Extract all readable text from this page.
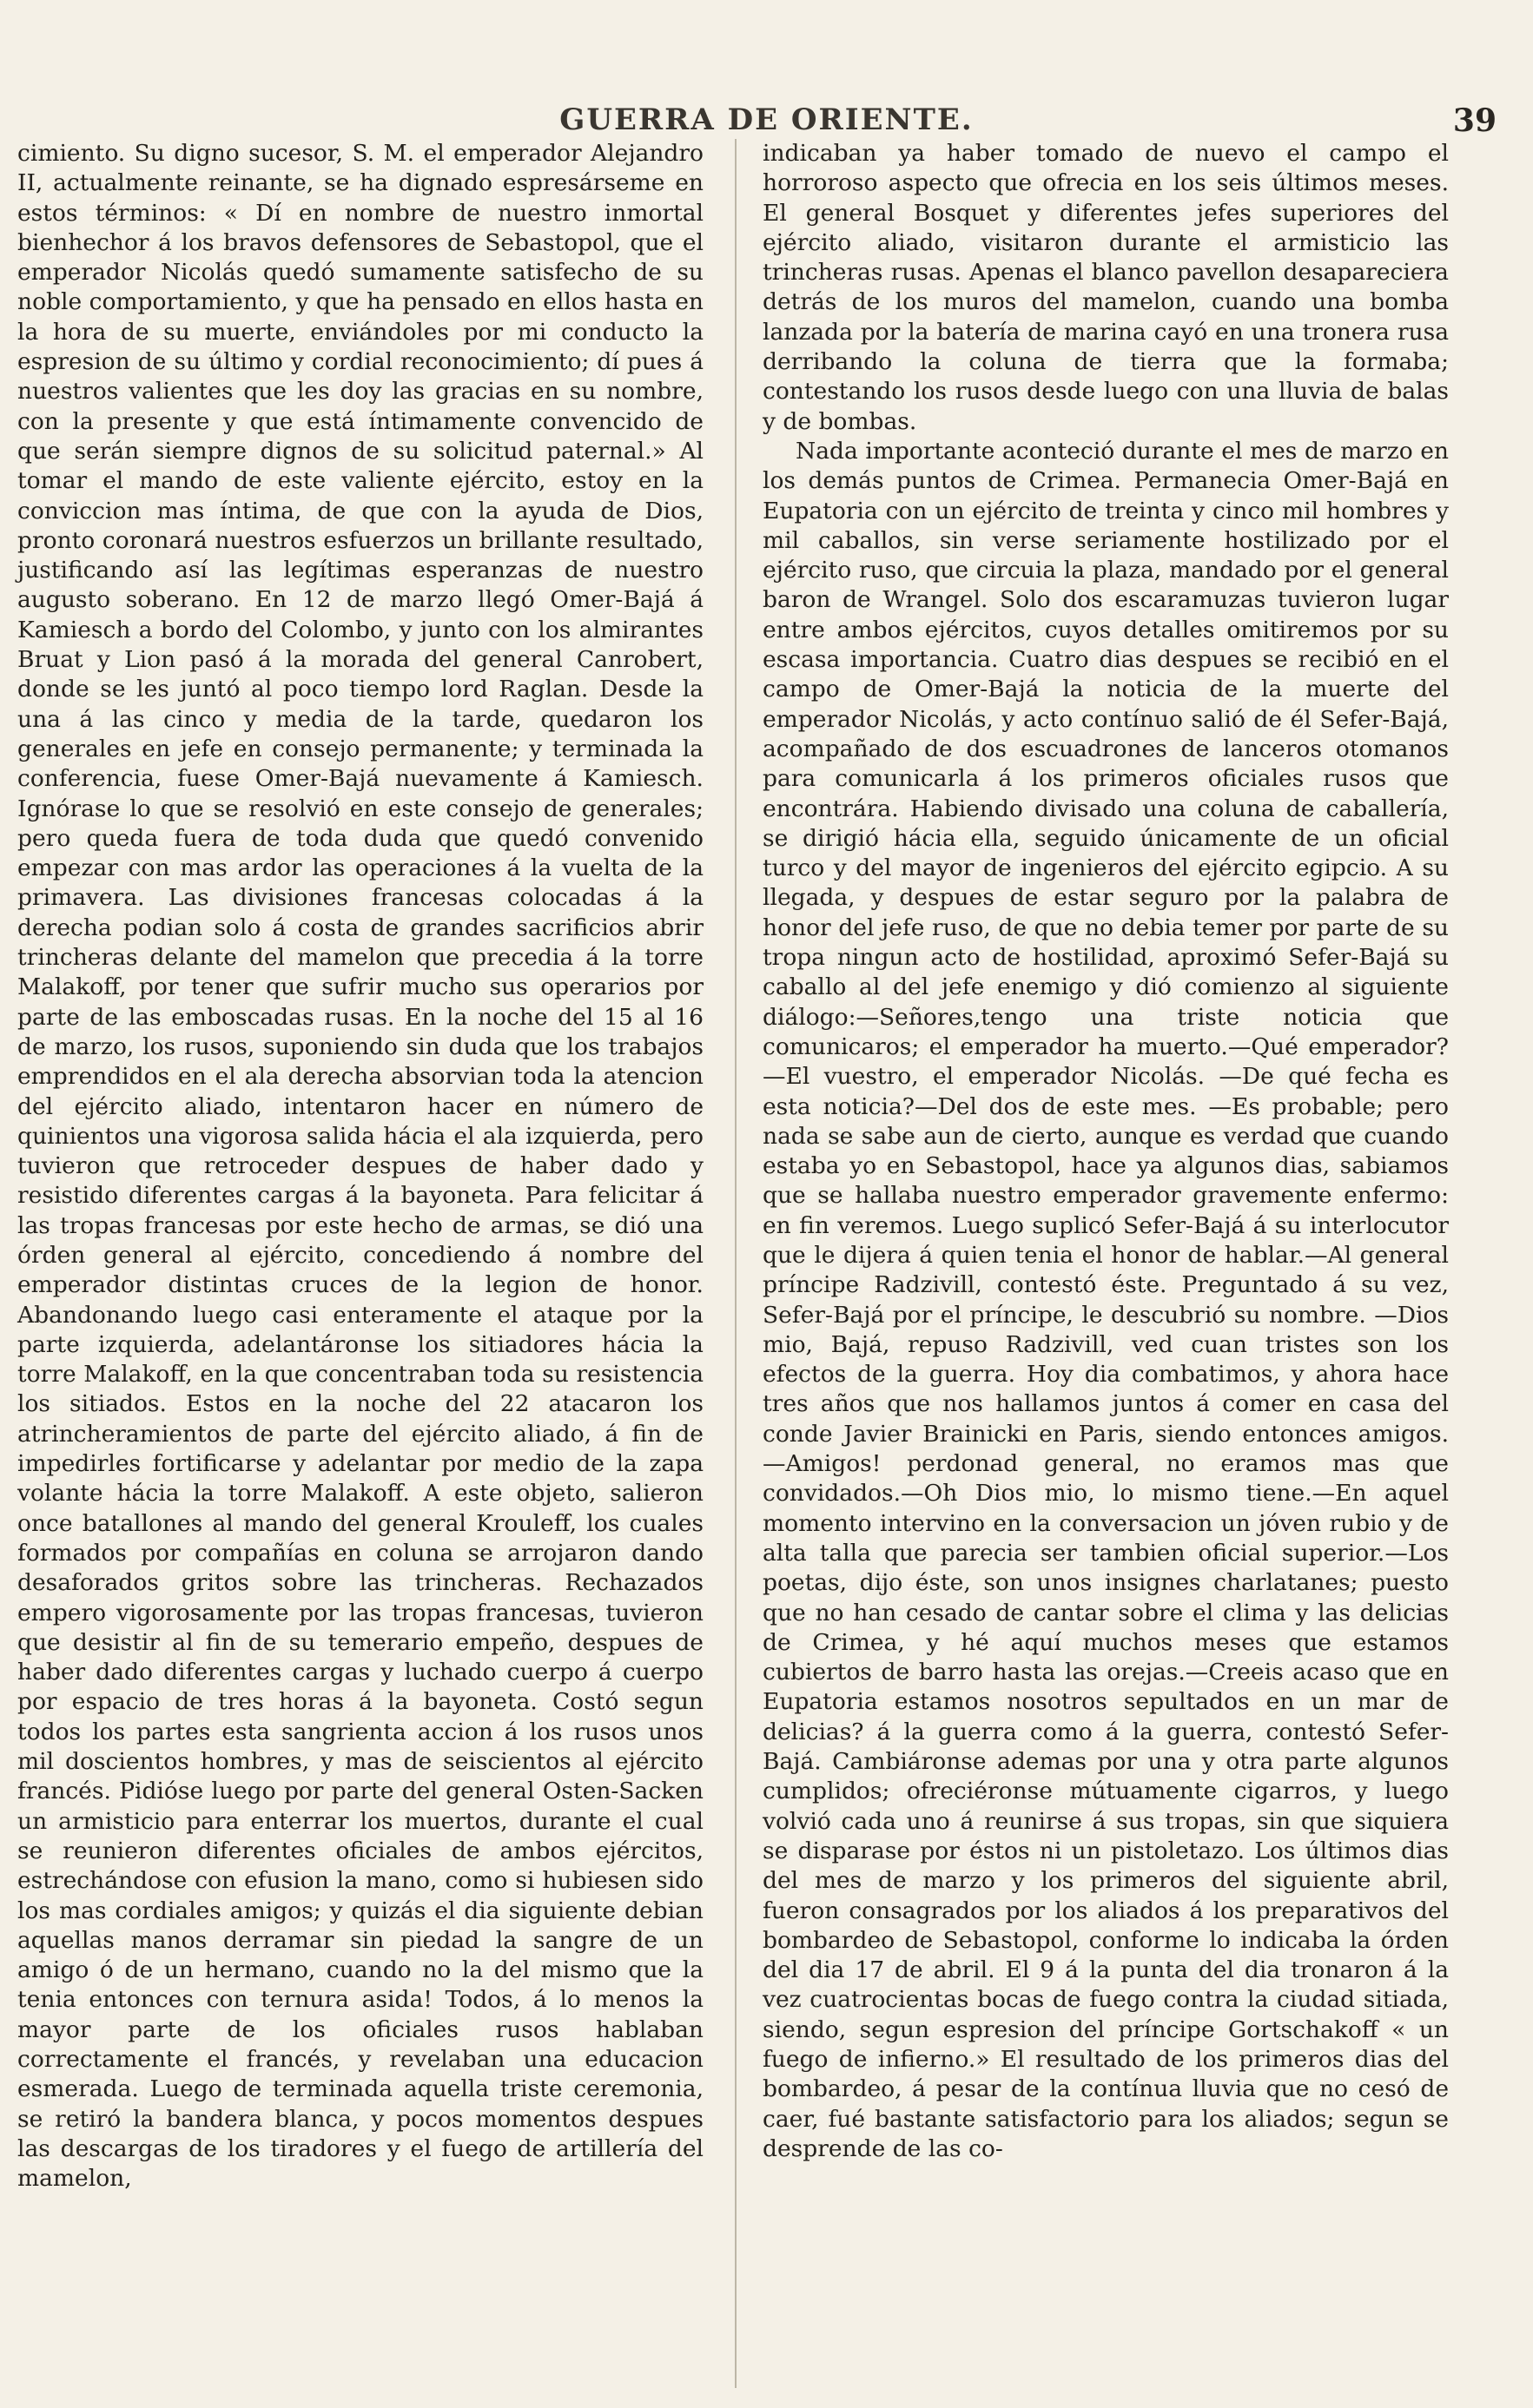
GUERRA DE ORIENTE.	39

cimiento. Su digno sucesor, S. M. el emperador Alejandro II, actualmente reinante, se ha dignado espresárseme en estos términos: « Dí en nombre de nuestro inmortal bienhechor á los bravos defensores de Sebastopol, que el emperador Nicolás quedó sumamente satisfecho de su noble comportamiento, y que ha pensado en ellos hasta en la hora de su muerte, enviándoles por mi conducto la espresion de su último y cordial reconocimiento; dí pues á nuestros valientes que les doy las gracias en su nombre, con la presente y que está íntimamente convencido de que serán siempre dignos de su solicitud paternal.» Al tomar el mando de este valiente ejército, estoy en la conviccion mas íntima, de que con la ayuda de Dios, pronto coronará nuestros esfuerzos un brillante resultado, justificando así las legítimas esperanzas de nuestro augusto soberano. En 12 de marzo llegó Omer-Bajá á Kamiesch a bordo del Colombo, y junto con los almirantes Bruat y Lion pasó á la morada del general Canrobert, donde se les juntó al poco tiempo lord Raglan. Desde la una á las cinco y media de la tarde, quedaron los generales en jefe en consejo permanente; y terminada la conferencia, fuese Omer-Bajá nuevamente á Kamiesch. Ignórase lo que se resolvió en este consejo de generales; pero queda fuera de toda duda que quedó convenido empezar con mas ardor las operaciones á la vuelta de la primavera. Las divisiones francesas colocadas á la derecha podian solo á costa de grandes sacrificios abrir trincheras delante del mamelon que precedia á la torre Malakoff, por tener que sufrir mucho sus operarios por parte de las emboscadas rusas. En la noche del 15 al 16 de marzo, los rusos, suponiendo sin duda que los trabajos emprendidos en el ala derecha absorvian toda la atencion del ejército aliado, intentaron hacer en número de quinientos una vigorosa salida hácia el ala izquierda, pero tuvieron que retroceder despues de haber dado y resistido diferentes cargas á la bayoneta. Para felicitar á las tropas francesas por este hecho de armas, se dió una órden general al ejército, concediendo á nombre del emperador distintas cruces de la legion de honor. Abandonando luego casi enteramente el ataque por la parte izquierda, adelantáronse los sitiadores hácia la torre Malakoff, en la que concentraban toda su resistencia los sitiados. Estos en la noche del 22 atacaron los atrincheramientos de parte del ejército aliado, á fin de impedirles fortificarse y adelantar por medio de la zapa volante hácia la torre Malakoff. A este objeto, salieron once batallones al mando del general Krouleff, los cuales formados por compañías en coluna se arrojaron dando desaforados gritos sobre las trincheras. Rechazados empero vigorosamente por las tropas francesas, tuvieron que desistir al fin de su temerario empeño, despues de haber dado diferentes cargas y luchado cuerpo á cuerpo por espacio de tres horas á la bayoneta. Costó segun todos los partes esta sangrienta accion á los rusos unos mil doscientos hombres, y mas de seiscientos al ejército francés. Pidióse luego por parte del general Osten-Sacken un armisticio para enterrar los muertos, durante el cual se reunieron diferentes oficiales de ambos ejércitos, estrechándose con efusion la mano, como si hubiesen sido los mas cordiales amigos; y quizás el dia siguiente debian aquellas manos derramar sin piedad la sangre de un amigo ó de un hermano, cuando no la del mismo que la tenia entonces con ternura asida! Todos, á lo menos la mayor parte de los oficiales rusos hablaban correctamente el francés, y revelaban una educacion esmerada. Luego de terminada aquella triste ceremonia, se retiró la bandera blanca, y pocos momentos despues las descargas de los tiradores y el fuego de artillería del mamelon,

indicaban ya haber tomado de nuevo el campo el horroroso aspecto que ofrecia en los seis últimos meses. El general Bosquet y diferentes jefes superiores del ejército aliado, visitaron durante el armisticio las trincheras rusas. Apenas el blanco pavellon desapareciera detrás de los muros del mamelon, cuando una bomba lanzada por la batería de marina cayó en una tronera rusa derribando la coluna de tierra que la formaba; contestando los rusos desde luego con una lluvia de balas y de bombas.

Nada importante aconteció durante el mes de marzo en los demás puntos de Crimea. Permanecia Omer-Bajá en Eupatoria con un ejército de treinta y cinco mil hombres y mil caballos, sin verse seriamente hostilizado por el ejército ruso, que circuia la plaza, mandado por el general baron de Wrangel. Solo dos escaramuzas tuvieron lugar entre ambos ejércitos, cuyos detalles omitiremos por su escasa importancia. Cuatro dias despues se recibió en el campo de Omer-Bajá la noticia de la muerte del emperador Nicolás, y acto contínuo salió de él Sefer-Bajá, acompañado de dos escuadrones de lanceros otomanos para comunicarla á los primeros oficiales rusos que encontrára. Habiendo divisado una coluna de caballería, se dirigió hácia ella, seguido únicamente de un oficial turco y del mayor de ingenieros del ejército egipcio. A su llegada, y despues de estar seguro por la palabra de honor del jefe ruso, de que no debia temer por parte de su tropa ningun acto de hostilidad, aproximó Sefer-Bajá su caballo al del jefe enemigo y dió comienzo al siguiente diálogo:—Señores,tengo una triste noticia que comunicaros; el emperador ha muerto.—Qué emperador?—El vuestro, el emperador Nicolás. —De qué fecha es esta noticia?—Del dos de este mes. —Es probable; pero nada se sabe aun de cierto, aunque es verdad que cuando estaba yo en Sebastopol, hace ya algunos dias, sabiamos que se hallaba nuestro emperador gravemente enfermo: en fin veremos. Luego suplicó Sefer-Bajá á su interlocutor que le dijera á quien tenia el honor de hablar.—Al general príncipe Radzivill, contestó éste. Preguntado á su vez, Sefer-Bajá por el príncipe, le descubrió su nombre. —Dios mio, Bajá, repuso Radzivill, ved cuan tristes son los efectos de la guerra. Hoy dia combatimos, y ahora hace tres años que nos hallamos juntos á comer en casa del conde Javier Brainicki en Paris, siendo entonces amigos. —Amigos! perdonad general, no eramos mas que convidados.—Oh Dios mio, lo mismo tiene.—En aquel momento intervino en la conversacion un jóven rubio y de alta talla que parecia ser tambien oficial superior.—Los poetas, dijo éste, son unos insignes charlatanes; puesto que no han cesado de cantar sobre el clima y las delicias de Crimea, y hé aquí muchos meses que estamos cubiertos de barro hasta las orejas.—Creeis acaso que en Eupatoria estamos nosotros sepultados en un mar de delicias? á la guerra como á la guerra, contestó Sefer-Bajá. Cambiáronse ademas por una y otra parte algunos cumplidos; ofreciéronse mútuamente cigarros, y luego volvió cada uno á reunirse á sus tropas, sin que siquiera se disparase por éstos ni un pistoletazo. Los últimos dias del mes de marzo y los primeros del siguiente abril, fueron consagrados por los aliados á los preparativos del bombardeo de Sebastopol, conforme lo indicaba la órden del dia 17 de abril. El 9 á la punta del dia tronaron á la vez cuatrocientas bocas de fuego contra la ciudad sitiada, siendo, segun espresion del príncipe Gortschakoff « un fuego de infierno.» El resultado de los primeros dias del bombardeo, á pesar de la contínua lluvia que no cesó de caer, fué bastante satisfactorio para los aliados; segun se desprende de las co-
